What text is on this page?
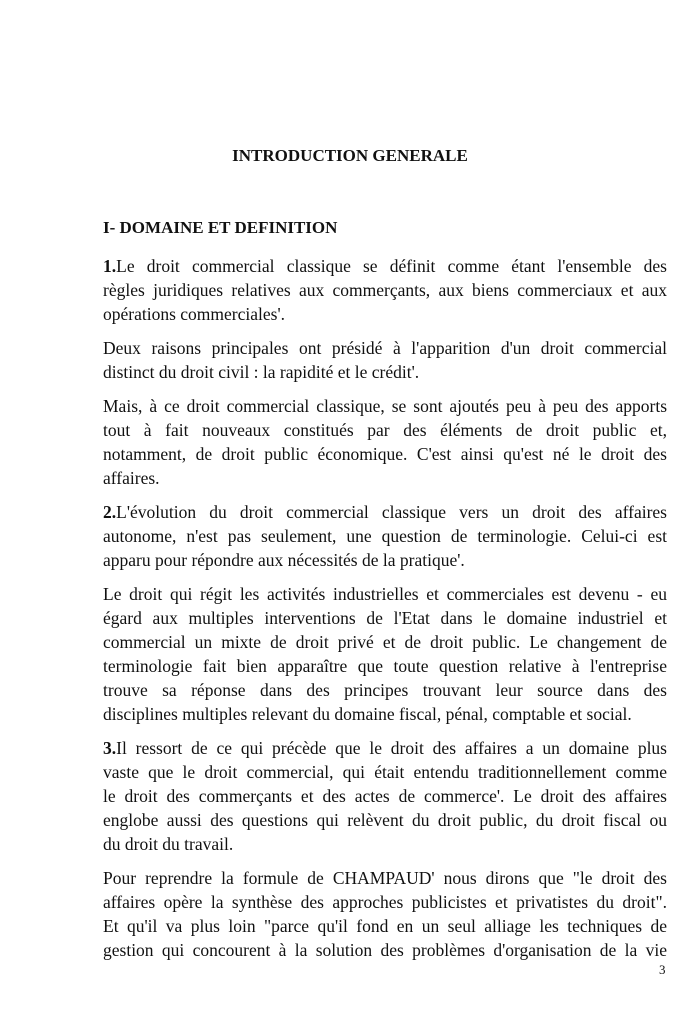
INTRODUCTION GENERALE
I- DOMAINE ET DEFINITION
1.Le droit commercial classique se définit comme étant l'ensemble des
règles juridiques relatives aux commerçants, aux biens commerciaux et aux
opérations commerciales'.
Deux raisons principales ont présidé à l'apparition d'un droit commercial
distinct du droit civil : la rapidité et le crédit'.
Mais, à ce droit commercial classique, se sont ajoutés peu à peu des apports
tout à fait nouveaux constitués par des éléments de droit public et,
notamment, de droit public économique. C'est ainsi qu'est né le droit des
affaires.
2.L'évolution du droit commercial classique vers un droit des affaires
autonome, n'est pas seulement, une question de terminologie. Celui-ci est
apparu pour répondre aux nécessités de la pratique'.
Le droit qui régit les activités industrielles et commerciales est devenu - eu
égard aux multiples interventions de l'Etat dans le domaine industriel et
commercial un mixte de droit privé et de droit public. Le changement de
terminologie fait bien apparaître que toute question relative à l'entreprise
trouve sa réponse dans des principes trouvant leur source dans des
disciplines multiples relevant du domaine fiscal, pénal, comptable et social.
3.Il ressort de ce qui précède que le droit des affaires a un domaine plus
vaste que le droit commercial, qui était entendu traditionnellement comme
le droit des commerçants et des actes de commerce'. Le droit des affaires
englobe aussi des questions qui relèvent du droit public, du droit fiscal ou
du droit du travail.
Pour reprendre la formule de CHAMPAUD' nous dirons que "le droit des
affaires opère la synthèse des approches publicistes et privatistes du droit".
Et qu'il va plus loin "parce qu'il fond en un seul alliage les techniques de
gestion qui concourent à la solution des problèmes d'organisation de la vie
3
